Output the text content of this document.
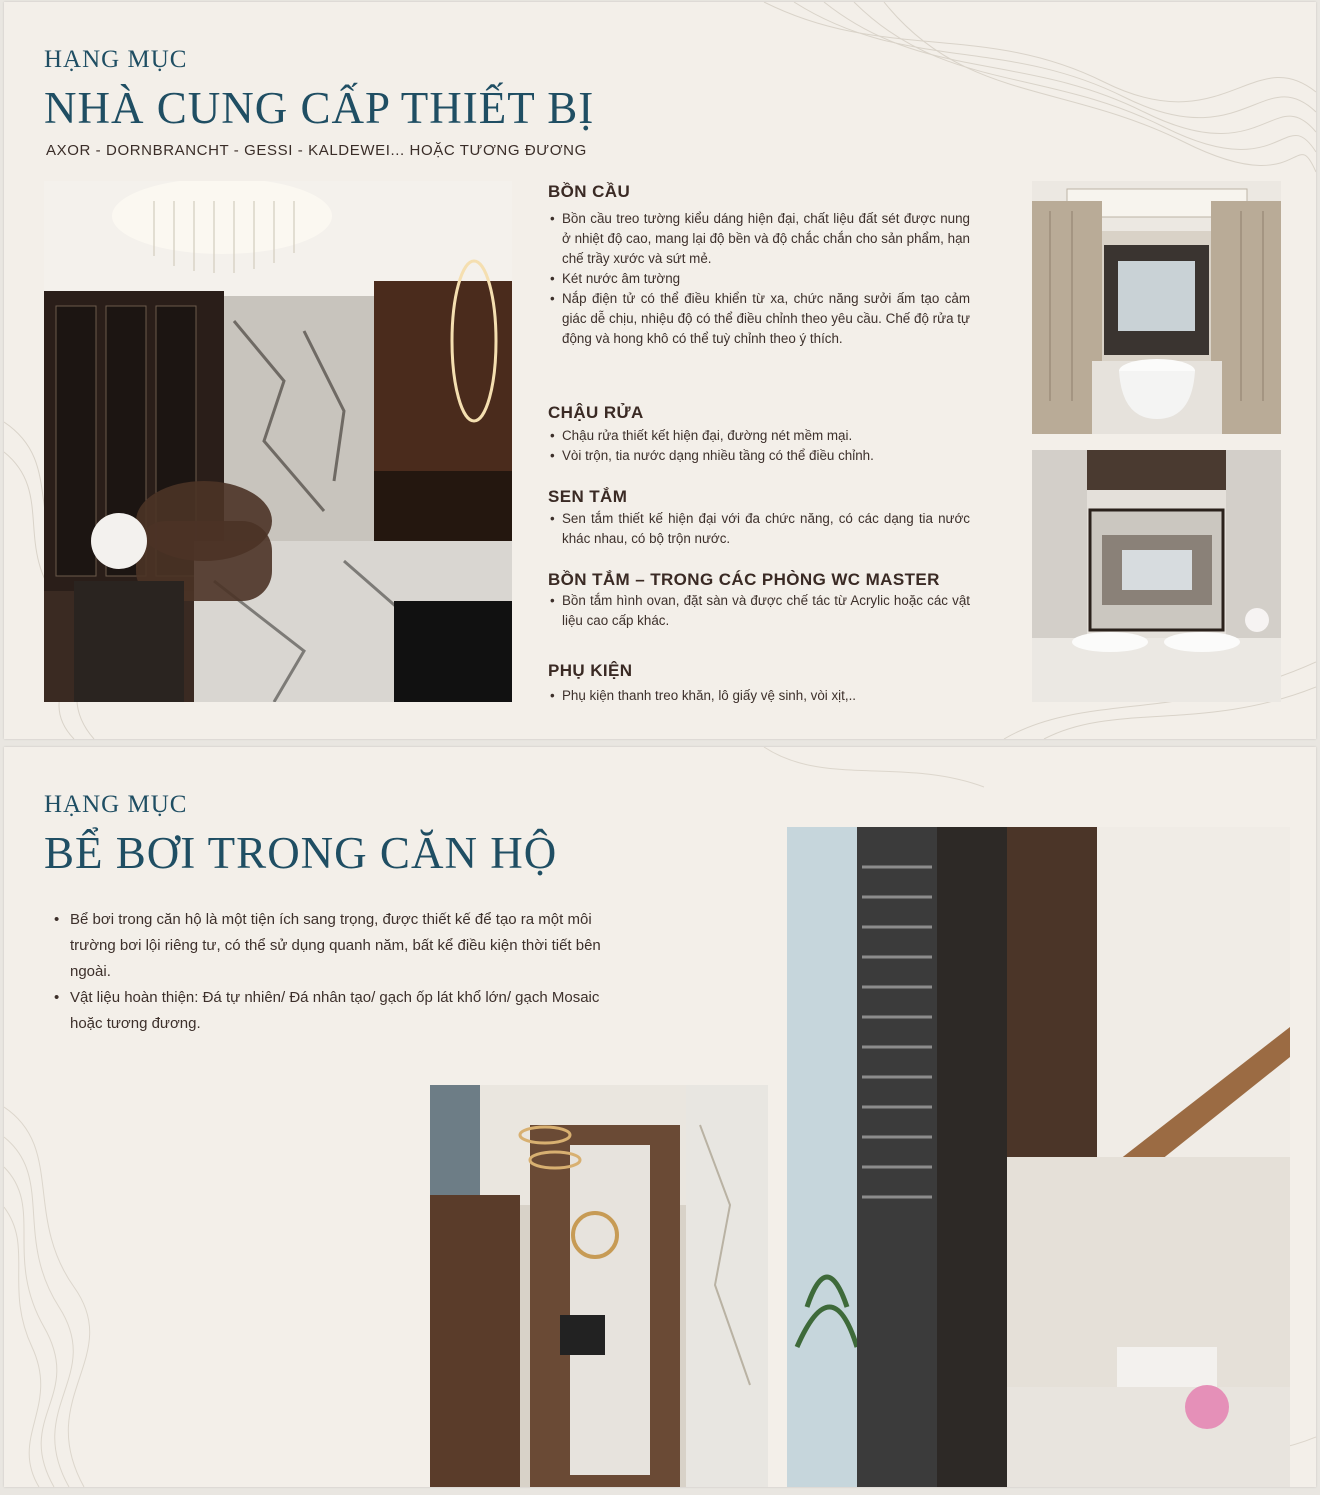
HẠNG MỤC
NHÀ CUNG CẤP THIẾT BỊ
AXOR - DORNBRANCHT - GESSI - KALDEWEI... HOẶC TƯƠNG ĐƯƠNG
BỒN CẦU
• Bồn cầu treo tường kiểu dáng hiện đại, chất liệu đất sét được nung ở nhiệt độ cao, mang lại độ bền và độ chắc chắn cho sản phẩm, hạn chế trầy xước và sứt mẻ.
• Két nước âm tường
• Nắp điện tử có thể điều khiển từ xa, chức năng sưởi ấm tạo cảm giác dễ chịu, nhiệu độ có thể điều chỉnh theo yêu cầu. Chế độ rửa tự động và hong khô có thể tuỳ chỉnh theo ý thích.
CHẬU RỬA
• Chậu rửa thiết kết hiện đại, đường nét mềm mại.
• Vòi trộn, tia nước dạng nhiều tầng có thể điều chỉnh.
SEN TẮM
• Sen tắm thiết kế hiện đại với đa chức năng, có các dạng tia nước khác nhau, có bộ trộn nước.
BỒN TẮM – TRONG CÁC PHÒNG WC MASTER
• Bồn tắm hình ovan, đặt sàn và được chế tác từ Acrylic hoặc các vật liệu cao cấp khác.
PHỤ KIỆN
• Phụ kiện thanh treo khăn, lô giấy vệ sinh, vòi xịt,..
HẠNG MỤC
BỂ BƠI TRONG CĂN HỘ
• Bể bơi trong căn hộ là một tiện ích sang trọng, được thiết kế để tạo ra một môi trường bơi lội riêng tư, có thể sử dụng quanh năm, bất kể điều kiện thời tiết bên ngoài.
• Vật liệu hoàn thiện: Đá tự nhiên/ Đá nhân tạo/ gạch ốp lát khổ lớn/ gạch Mosaic hoặc tương đương.
